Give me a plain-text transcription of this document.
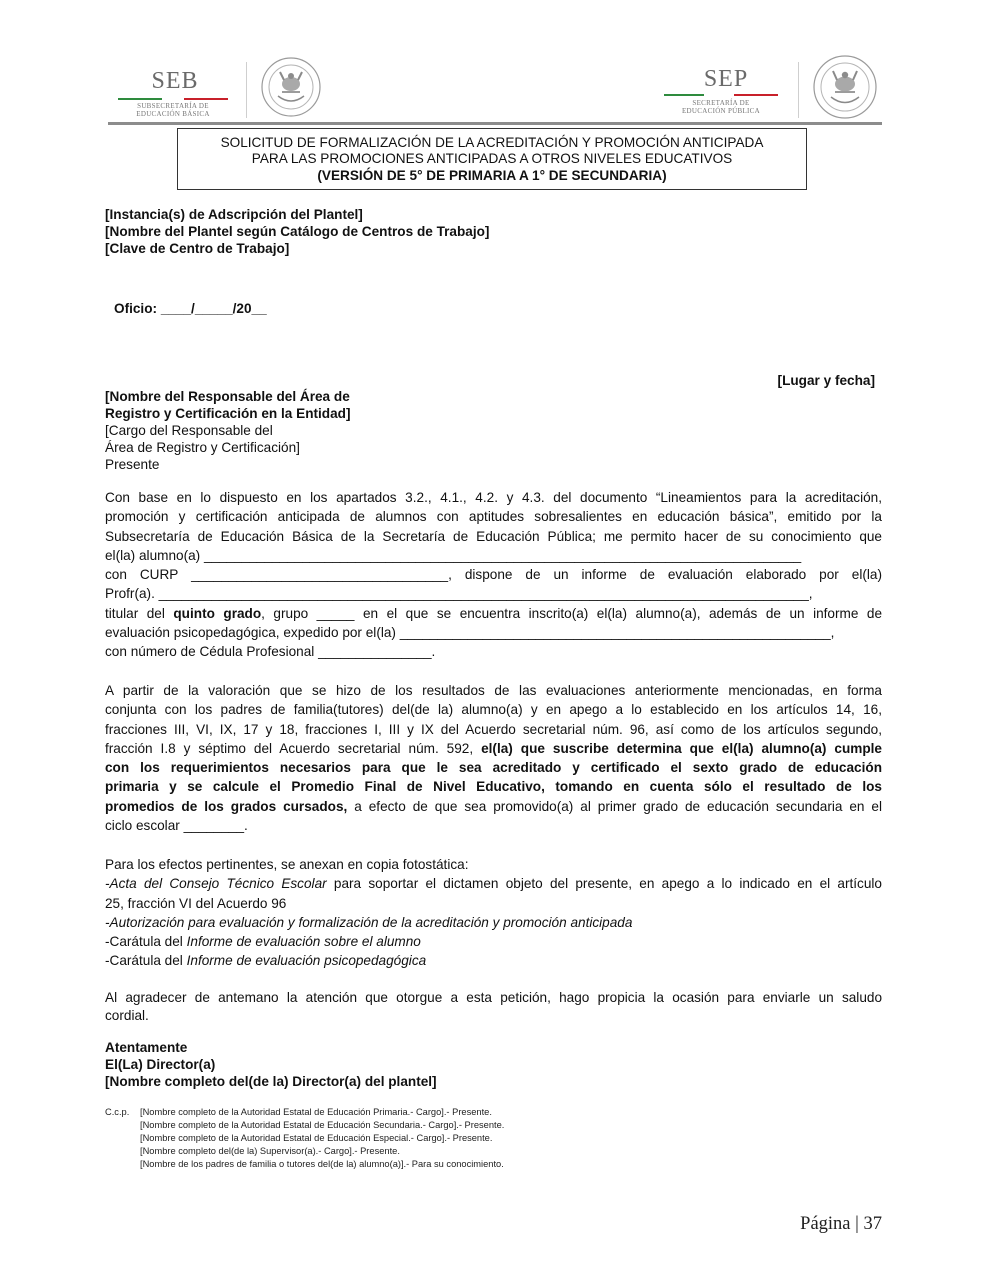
SEB
SUBSECRETARÍA DE
EDUCACIÓN BÁSICA
SEP
SECRETARÍA DE
EDUCACIÓN PÚBLICA
SOLICITUD DE FORMALIZACIÓN DE LA ACREDITACIÓN Y PROMOCIÓN ANTICIPADA
PARA LAS PROMOCIONES ANTICIPADAS A OTROS NIVELES EDUCATIVOS
(VERSIÓN DE 5° DE PRIMARIA A 1° DE SECUNDARIA)
[Instancia(s) de Adscripción del Plantel]
[Nombre del Plantel según Catálogo de Centros de Trabajo]
[Clave de Centro de Trabajo]
Oficio: ____/_____/20__
[Lugar y fecha]
[Nombre del Responsable del Área de
Registro y Certificación en la Entidad]
[Cargo del Responsable del
Área de Registro y Certificación]
Presente
Con base en lo dispuesto en los apartados 3.2., 4.1., 4.2. y 4.3. del documento “Lineamientos para la acreditación,
promoción y certificación anticipada de alumnos con aptitudes sobresalientes en educación básica”, emitido por la
Subsecretaría de Educación Básica de la Secretaría de Educación Pública; me permito hacer de su conocimiento que
el(la) alumno(a) _______________________________________________________________________________
con CURP __________________________________, dispone de un informe de evaluación elaborado por el(la)
Profr(a). ______________________________________________________________________________________,
titular del quinto grado, grupo _____ en el que se encuentra inscrito(a) el(la) alumno(a), además de un informe de
evaluación psicopedagógica, expedido por el(la) _________________________________________________________,
con número de Cédula Profesional _______________.
A partir de la valoración que se hizo de los resultados de las evaluaciones anteriormente mencionadas, en forma
conjunta con los padres de familia(tutores) del(de la) alumno(a) y en apego a lo establecido en los artículos 14, 16,
fracciones III, VI, IX, 17 y 18, fracciones I, III y IX del Acuerdo secretarial núm. 96, así como de los artículos segundo,
fracción I.8 y séptimo del Acuerdo secretarial núm. 592, el(la) que suscribe determina que el(la) alumno(a) cumple
con los requerimientos necesarios para que le sea acreditado y certificado el sexto grado de educación
primaria y se calcule el Promedio Final de Nivel Educativo, tomando en cuenta sólo el resultado de los
promedios de los grados cursados, a efecto de que sea promovido(a) al primer grado de educación secundaria en el
ciclo escolar ________.
Para los efectos pertinentes, se anexan en copia fotostática:
-Acta del Consejo Técnico Escolar para soportar el dictamen objeto del presente, en apego a lo indicado en el artículo
25, fracción VI del Acuerdo 96
-Autorización para evaluación y formalización de la acreditación y promoción anticipada
-Carátula del Informe de evaluación sobre el alumno
-Carátula del Informe de evaluación psicopedagógica
Al agradecer de antemano la atención que otorgue a esta petición, hago propicia la ocasión para enviarle un saludo
cordial.
Atentamente
El(La) Director(a)
[Nombre completo del(de la) Director(a) del plantel]
C.c.p. [Nombre completo de la Autoridad Estatal de Educación Primaria.- Cargo].- Presente.
[Nombre completo de la Autoridad Estatal de Educación Secundaria.- Cargo].- Presente.
[Nombre completo de la Autoridad Estatal de Educación Especial.- Cargo].- Presente.
[Nombre completo del(de la) Supervisor(a).- Cargo].- Presente.
[Nombre de los padres de familia o tutores del(de la) alumno(a)].- Para su conocimiento.
Página | 37
